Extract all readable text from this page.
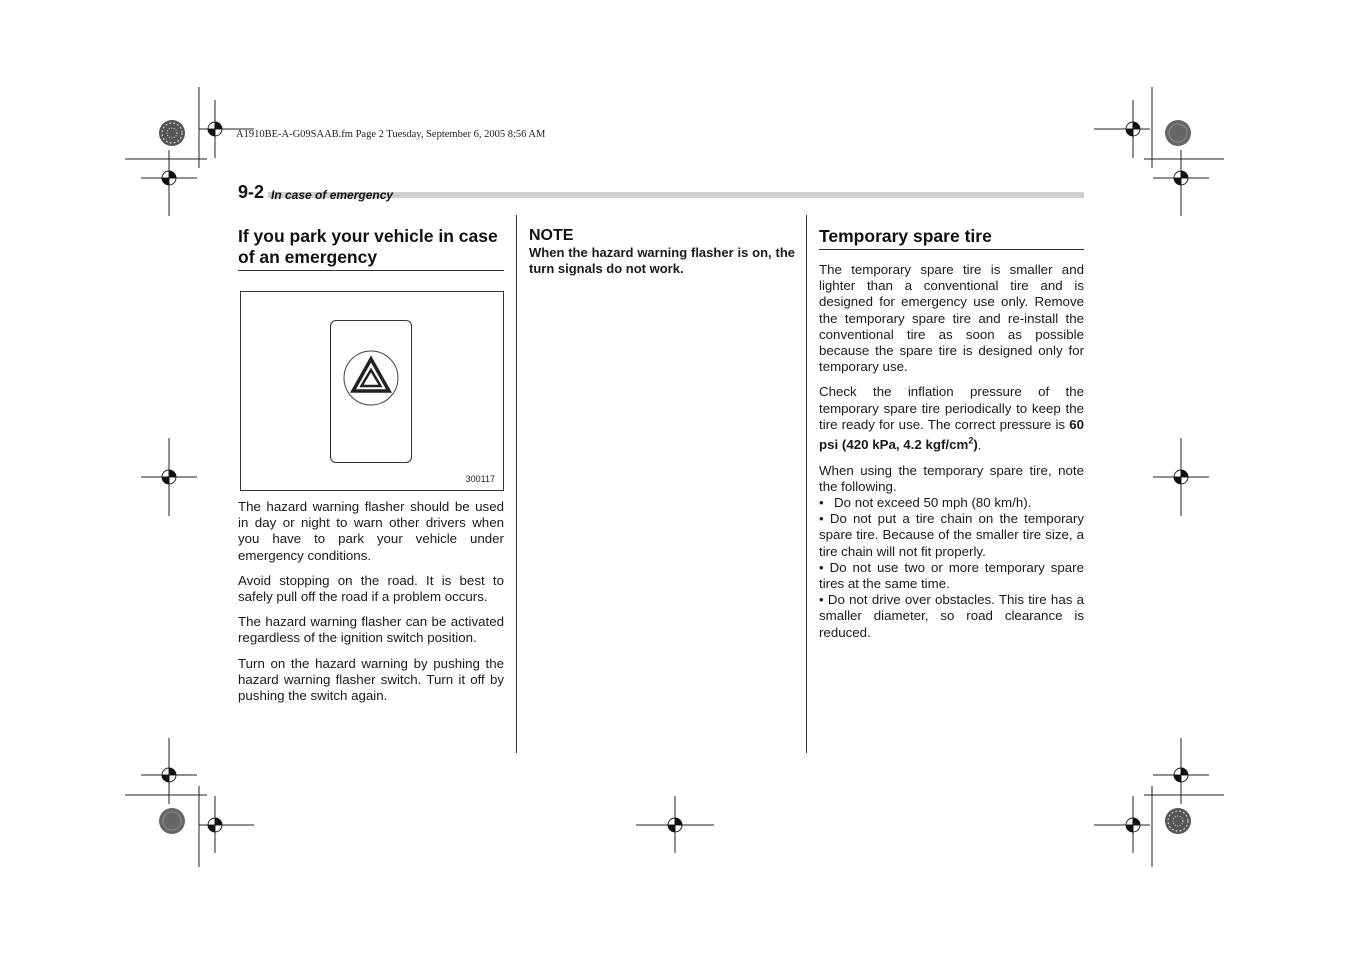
A1910BE-A-G09SAAB.fm Page 2 Tuesday, September 6, 2005 8:56 AM
9-2 In case of emergency
If you park your vehicle in case of an emergency
300117

The hazard warning flasher should be used in day or night to warn other drivers when you have to park your vehicle under emergency conditions.

Avoid stopping on the road. It is best to safely pull off the road if a problem occurs.

The hazard warning flasher can be activated regardless of the ignition switch position.

Turn on the hazard warning by pushing the hazard warning flasher switch. Turn it off by pushing the switch again.

NOTE

When the hazard warning flasher is on, the turn signals do not work.

Temporary spare tire

The temporary spare tire is smaller and lighter than a conventional tire and is designed for emergency use only. Remove the temporary spare tire and re-install the conventional tire as soon as possible because the spare tire is designed only for temporary use.

Check the inflation pressure of the temporary spare tire periodically to keep the tire ready for use. The correct pressure is 60 psi (420 kPa, 4.2 kgf/$cm^2$).

When using the temporary spare tire, note the following.

• Do not exceed 50 mph (80 km/h).

• Do not put a tire chain on the temporary spare tire. Because of the smaller tire size, a tire chain will not fit properly.

• Do not use two or more temporary spare tires at the same time.

• Do not drive over obstacles. This tire has a smaller diameter, so road clearance is reduced.
